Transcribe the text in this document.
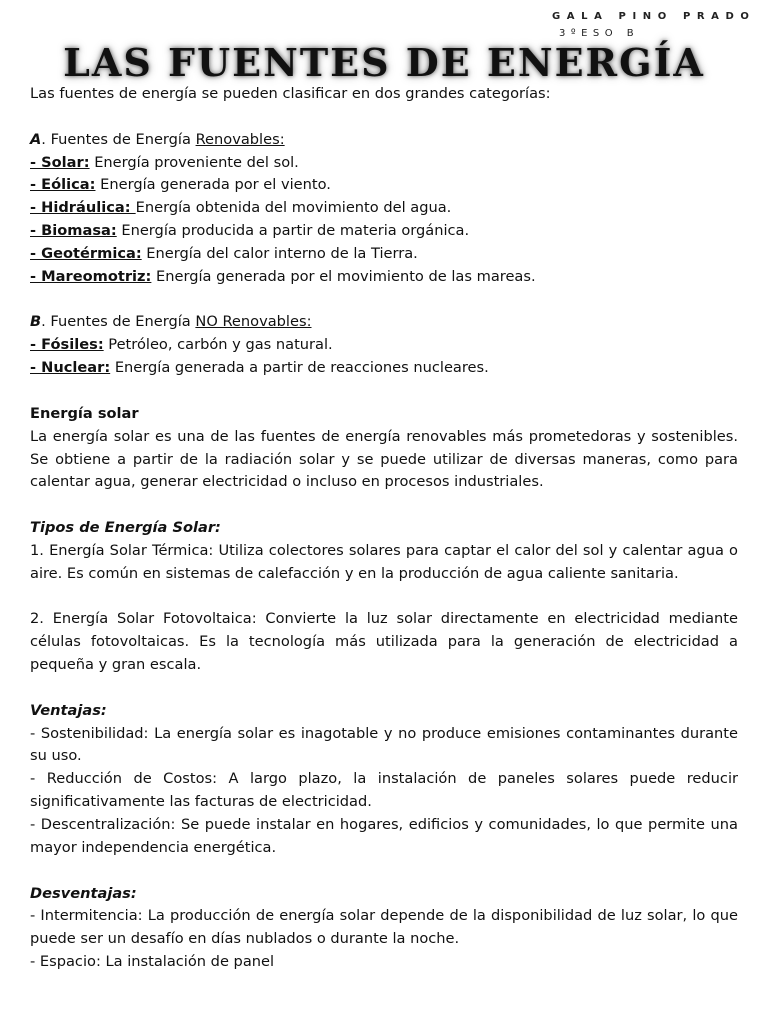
GALA PINO PRADO
3ºESO B
LAS FUENTES DE ENERGÍA

Las fuentes de energía se pueden clasificar en dos grandes categorías:

A. Fuentes de Energía Renovables:

- Solar: Energía proveniente del sol.

- Eólica: Energía generada por el viento.

- Hidráulica: Energía obtenida del movimiento del agua.

- Biomasa: Energía producida a partir de materia orgánica.

- Geotérmica: Energía del calor interno de la Tierra.

- Mareomotriz: Energía generada por el movimiento de las mareas.

B. Fuentes de Energía NO Renovables:

- Fósiles: Petróleo, carbón y gas natural.

- Nuclear: Energía generada a partir de reacciones nucleares.

Energía solar

La energía solar es una de las fuentes de energía renovables más prometedoras y sostenibles. Se obtiene a partir de la radiación solar y se puede utilizar de diversas maneras, como para calentar agua, generar electricidad o incluso en procesos industriales.

Tipos de Energía Solar:

1. Energía Solar Térmica: Utiliza colectores solares para captar el calor del sol y calentar agua o aire. Es común en sistemas de calefacción y en la producción de agua caliente sanitaria.

2. Energía Solar Fotovoltaica: Convierte la luz solar directamente en electricidad mediante células fotovoltaicas. Es la tecnología más utilizada para la generación de electricidad a pequeña y gran escala.

Ventajas:

- Sostenibilidad: La energía solar es inagotable y no produce emisiones contaminantes durante su uso.

- Reducción de Costos: A largo plazo, la instalación de paneles solares puede reducir significativamente las facturas de electricidad.

- Descentralización: Se puede instalar en hogares, edificios y comunidades, lo que permite una mayor independencia energética.

Desventajas:

- Intermitencia: La producción de energía solar depende de la disponibilidad de luz solar, lo que puede ser un desafío en días nublados o durante la noche.

- Espacio: La instalación de panel
